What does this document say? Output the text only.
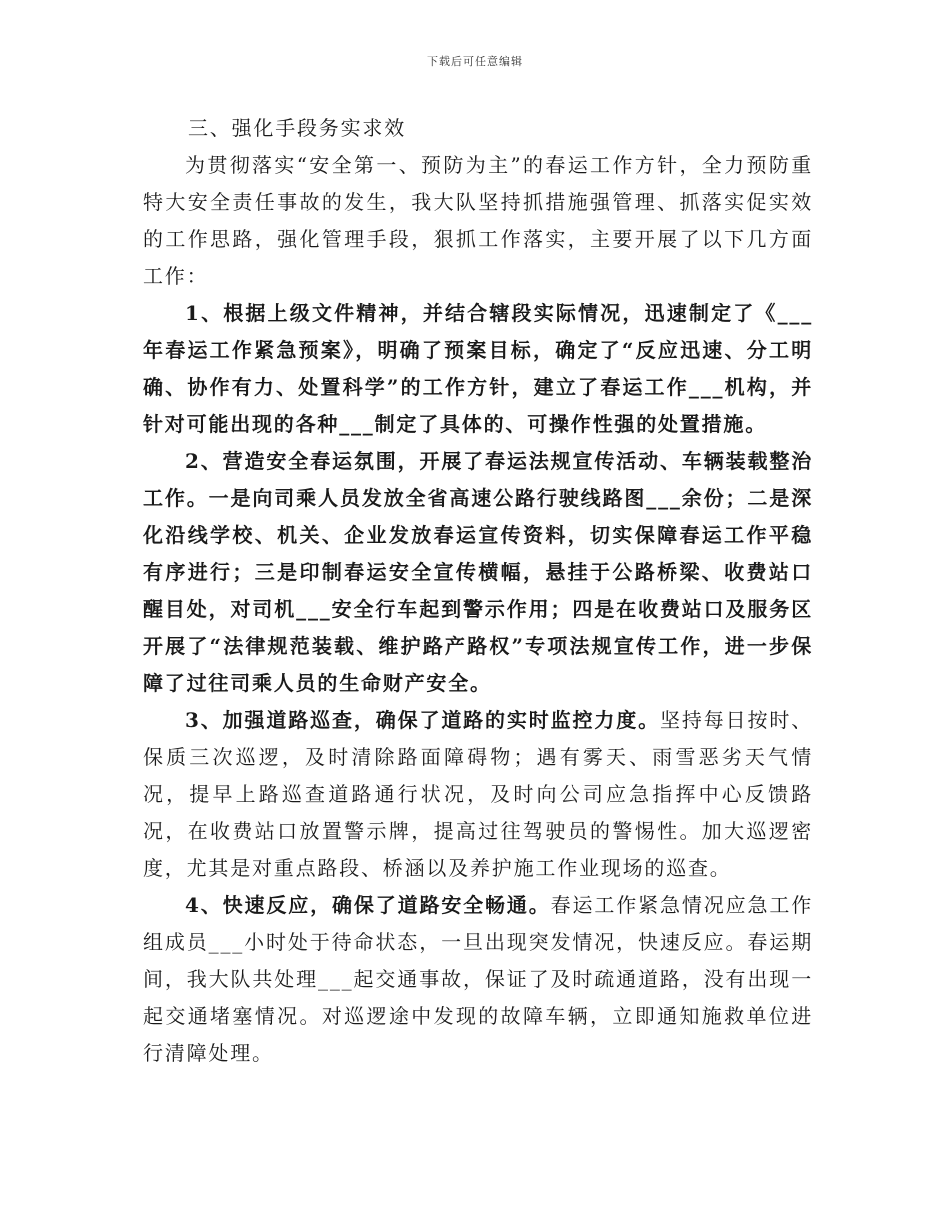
下载后可任意编辑
三、强化手段务实求效

为贯彻落实“安全第一、预防为主”的春运工作方针，全力预防重特大安全责任事故的发生，我大队坚持抓措施强管理、抓落实促实效的工作思路，强化管理手段，狠抓工作落实，主要开展了以下几方面工作：

1、根据上级文件精神，并结合辖段实际情况，迅速制定了《___年春运工作紧急预案》，明确了预案目标，确定了“反应迅速、分工明确、协作有力、处置科学”的工作方针，建立了春运工作___机构，并针对可能出现的各种___制定了具体的、可操作性强的处置措施。

2、营造安全春运氛围，开展了春运法规宣传活动、车辆装载整治工作。一是向司乘人员发放全省高速公路行驶线路图___余份；二是深化沿线学校、机关、企业发放春运宣传资料，切实保障春运工作平稳有序进行；三是印制春运安全宣传横幅，悬挂于公路桥梁、收费站口醒目处，对司机___安全行车起到警示作用；四是在收费站口及服务区开展了“法律规范装载、维护路产路权”专项法规宣传工作，进一步保障了过往司乘人员的生命财产安全。

3、加强道路巡查，确保了道路的实时监控力度。坚持每日按时、保质三次巡逻，及时清除路面障碍物；遇有雾天、雨雪恶劣天气情况，提早上路巡查道路通行状况，及时向公司应急指挥中心反馈路况，在收费站口放置警示牌，提高过往驾驶员的警惕性。加大巡逻密度，尤其是对重点路段、桥涵以及养护施工作业现场的巡查。

4、快速反应，确保了道路安全畅通。春运工作紧急情况应急工作组成员___小时处于待命状态，一旦出现突发情况，快速反应。春运期间，我大队共处理___起交通事故，保证了及时疏通道路，没有出现一起交通堵塞情况。对巡逻途中发现的故障车辆，立即通知施救单位进行清障处理。
